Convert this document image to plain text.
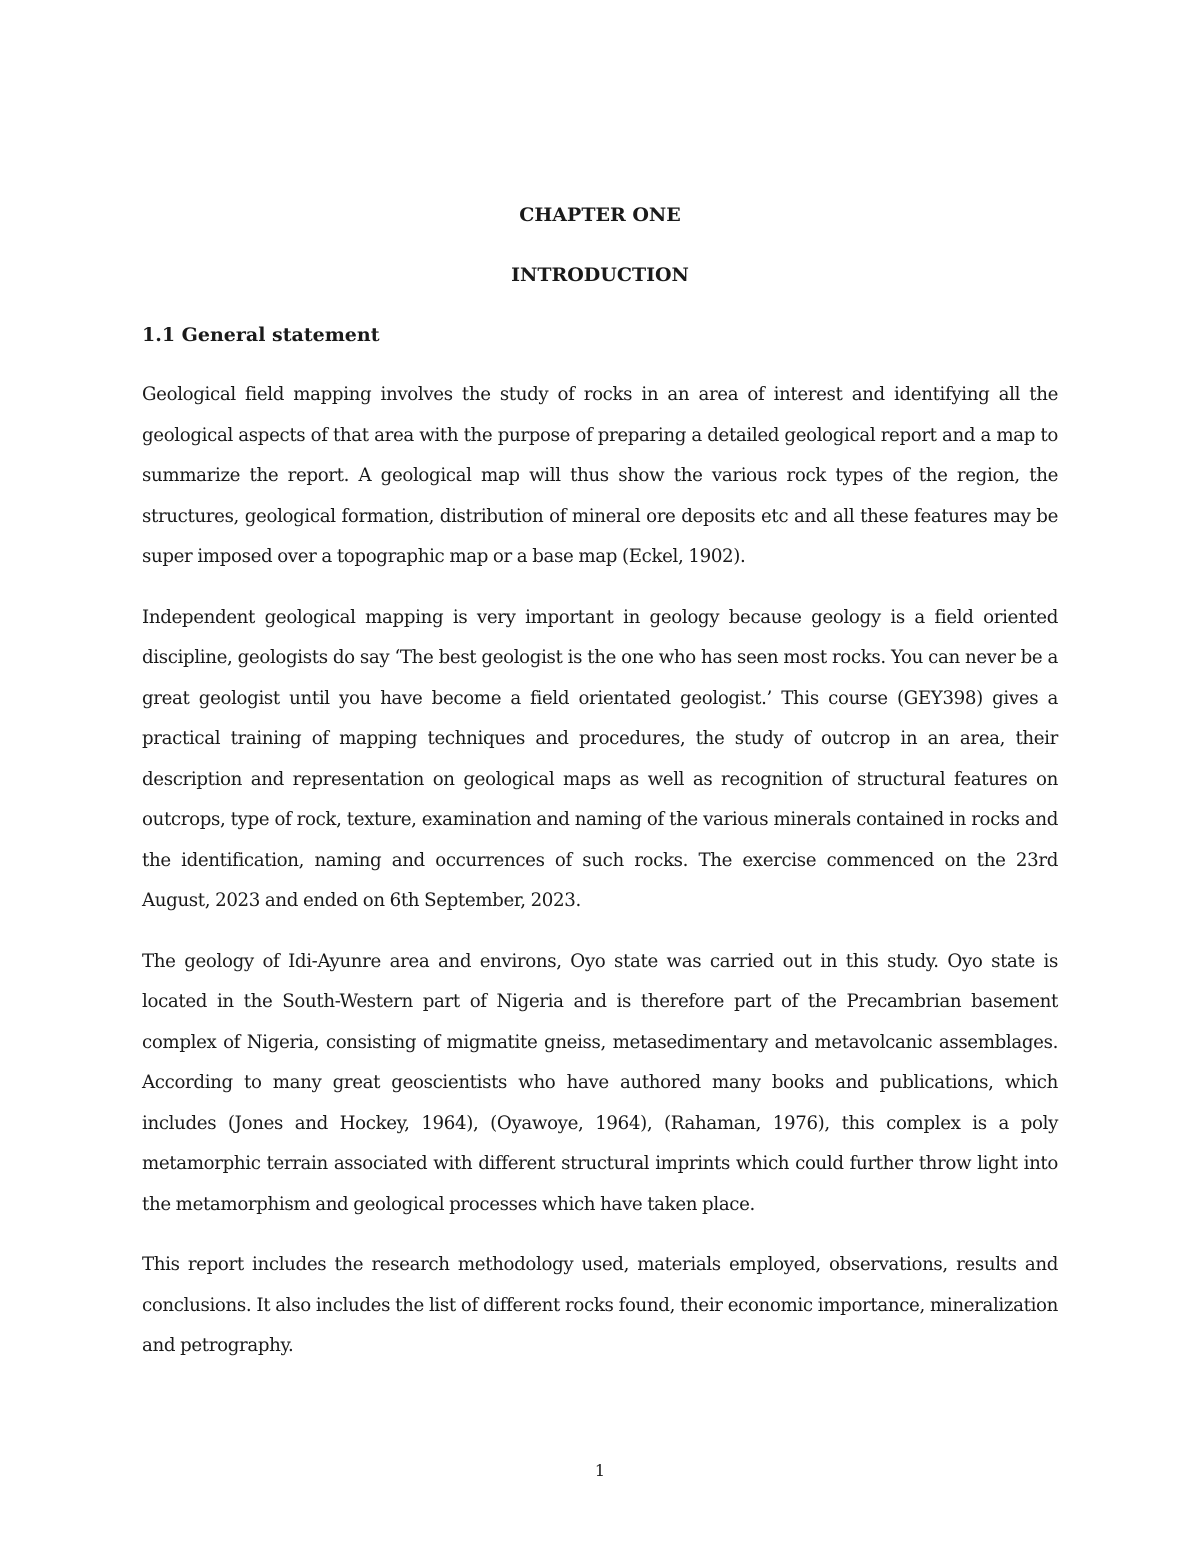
CHAPTER ONE
INTRODUCTION
1.1 General statement

Geological field mapping involves the study of rocks in an area of interest and identifying all the geological aspects of that area with the purpose of preparing a detailed geological report and a map to summarize the report. A geological map will thus show the various rock types of the region, the structures, geological formation, distribution of mineral ore deposits etc and all these features may be super imposed over a topographic map or a base map (Eckel, 1902).

Independent geological mapping is very important in geology because geology is a field oriented discipline, geologists do say ‘The best geologist is the one who has seen most rocks. You can never be a great geologist until you have become a field orientated geologist.’ This course (GEY398) gives a practical training of mapping techniques and procedures, the study of outcrop in an area, their description and representation on geological maps as well as recognition of structural features on outcrops, type of rock, texture, examination and naming of the various minerals contained in rocks and the identification, naming and occurrences of such rocks. The exercise commenced on the 23rd August, 2023 and ended on 6th September, 2023.

The geology of Idi-Ayunre area and environs, Oyo state was carried out in this study. Oyo state is located in the South-Western part of Nigeria and is therefore part of the Precambrian basement complex of Nigeria, consisting of migmatite gneiss, metasedimentary and metavolcanic assemblages. According to many great geoscientists who have authored many books and publications, which includes (Jones and Hockey, 1964), (Oyawoye, 1964), (Rahaman, 1976), this complex is a poly metamorphic terrain associated with different structural imprints which could further throw light into the metamorphism and geological processes which have taken place.

This report includes the research methodology used, materials employed, observations, results and conclusions. It also includes the list of different rocks found, their economic importance, mineralization and petrography.

1
